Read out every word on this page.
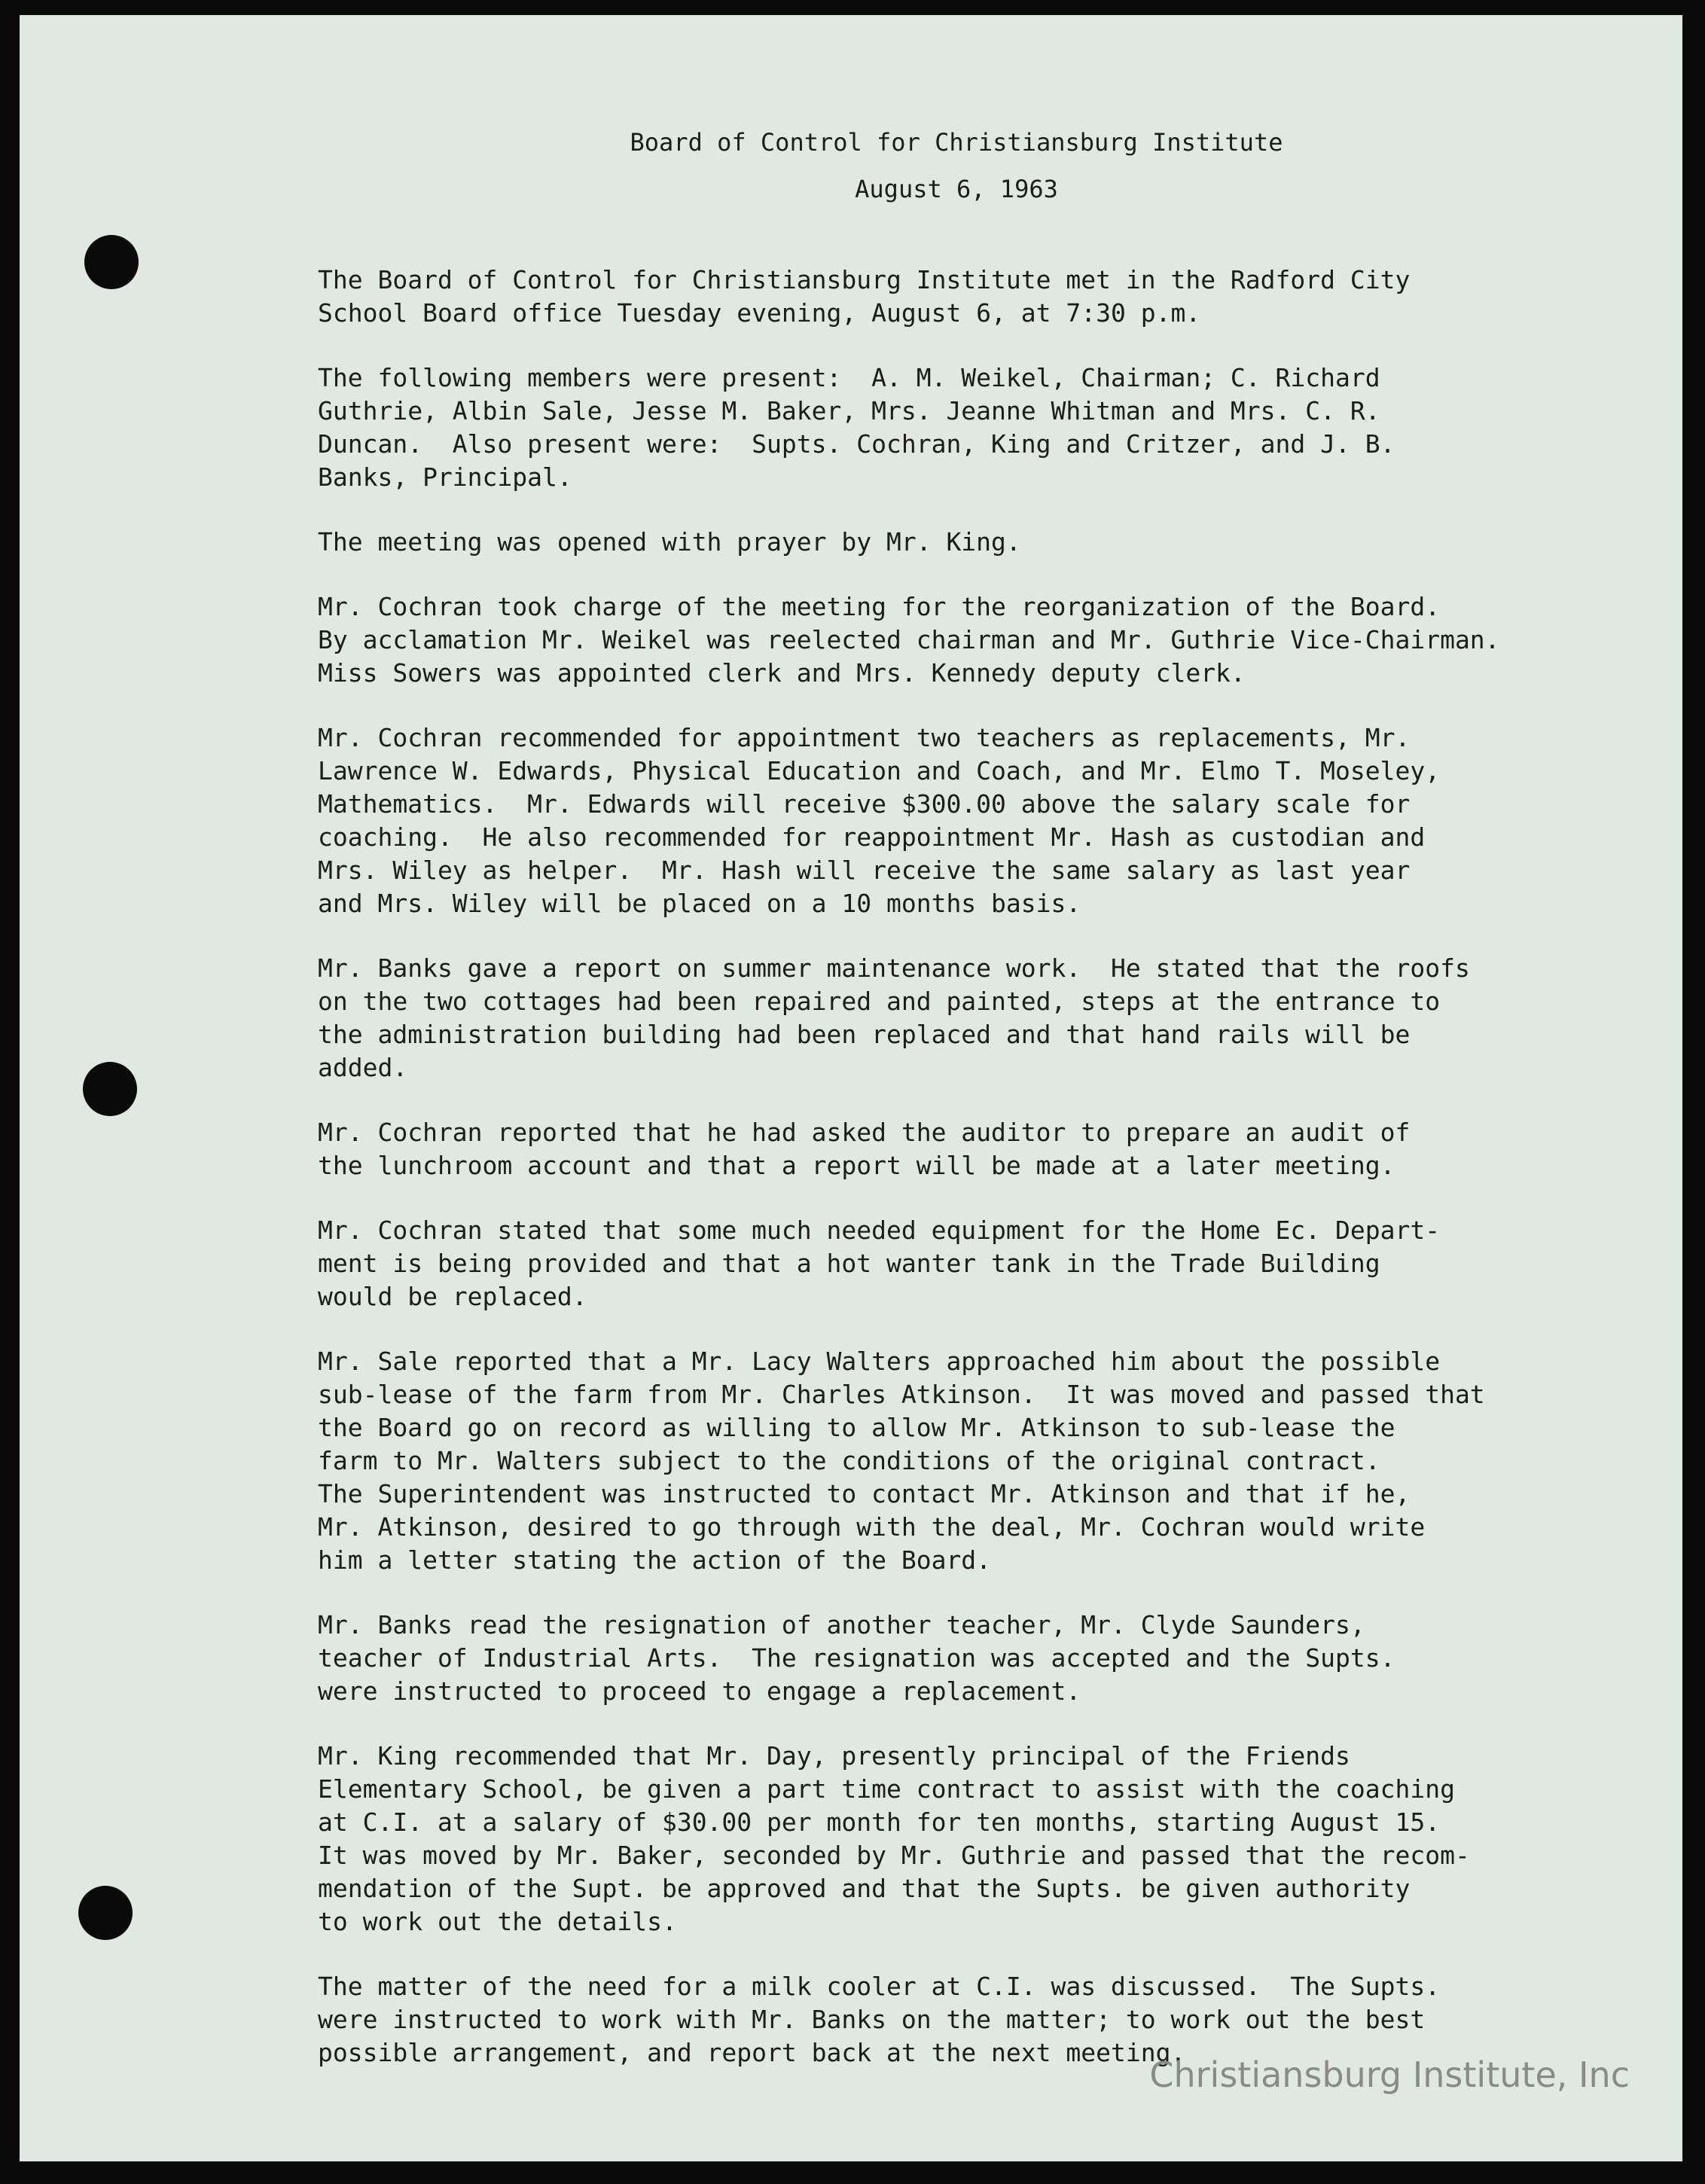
Board of Control for Christiansburg Institute

August 6, 1963

The Board of Control for Christiansburg Institute met in the Radford City
School Board office Tuesday evening, August 6, at 7:30 p.m.

The following members were present:  A. M. Weikel, Chairman; C. Richard
Guthrie, Albin Sale, Jesse M. Baker, Mrs. Jeanne Whitman and Mrs. C. R.
Duncan.  Also present were:  Supts. Cochran, King and Critzer, and J. B.
Banks, Principal.

The meeting was opened with prayer by Mr. King.

Mr. Cochran took charge of the meeting for the reorganization of the Board.
By acclamation Mr. Weikel was reelected chairman and Mr. Guthrie Vice-Chairman.
Miss Sowers was appointed clerk and Mrs. Kennedy deputy clerk.

Mr. Cochran recommended for appointment two teachers as replacements, Mr.
Lawrence W. Edwards, Physical Education and Coach, and Mr. Elmo T. Moseley,
Mathematics.  Mr. Edwards will receive $300.00 above the salary scale for
coaching.  He also recommended for reappointment Mr. Hash as custodian and
Mrs. Wiley as helper.  Mr. Hash will receive the same salary as last year
and Mrs. Wiley will be placed on a 10 months basis.

Mr. Banks gave a report on summer maintenance work.  He stated that the roofs
on the two cottages had been repaired and painted, steps at the entrance to
the administration building had been replaced and that hand rails will be
added.

Mr. Cochran reported that he had asked the auditor to prepare an audit of
the lunchroom account and that a report will be made at a later meeting.

Mr. Cochran stated that some much needed equipment for the Home Ec. Depart-
ment is being provided and that a hot wanter tank in the Trade Building
would be replaced.

Mr. Sale reported that a Mr. Lacy Walters approached him about the possible
sub-lease of the farm from Mr. Charles Atkinson.  It was moved and passed that
the Board go on record as willing to allow Mr. Atkinson to sub-lease the
farm to Mr. Walters subject to the conditions of the original contract.
The Superintendent was instructed to contact Mr. Atkinson and that if he,
Mr. Atkinson, desired to go through with the deal, Mr. Cochran would write
him a letter stating the action of the Board.

Mr. Banks read the resignation of another teacher, Mr. Clyde Saunders,
teacher of Industrial Arts.  The resignation was accepted and the Supts.
were instructed to proceed to engage a replacement.

Mr. King recommended that Mr. Day, presently principal of the Friends
Elementary School, be given a part time contract to assist with the coaching
at C.I. at a salary of $30.00 per month for ten months, starting August 15.
It was moved by Mr. Baker, seconded by Mr. Guthrie and passed that the recom-
mendation of the Supt. be approved and that the Supts. be given authority
to work out the details.

The matter of the need for a milk cooler at C.I. was discussed.  The Supts.
were instructed to work with Mr. Banks on the matter; to work out the best
possible arrangement, and report back at the next meeting.

Christiansburg Institute, Inc
